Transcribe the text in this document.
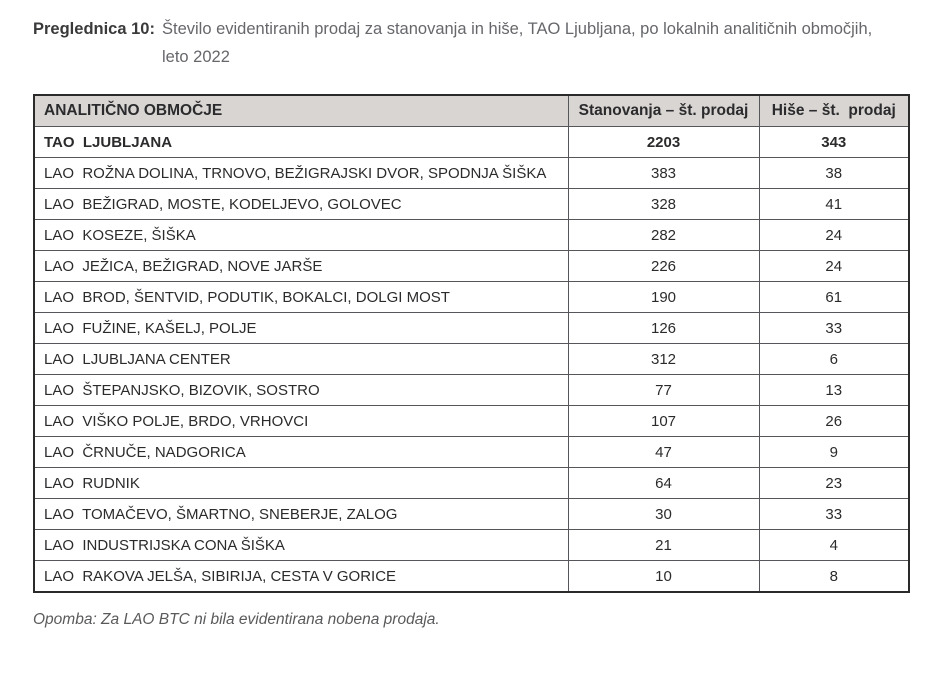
Preglednica 10: Število evidentiranih prodaj za stanovanja in hiše, TAO Ljubljana, po lokalnih analitičnih območjih,
leto 2022
ANALITIČNO OBMOČJE	Stanovanja – št. prodaj	Hiše – št.  prodaj
TAO  LJUBLJANA	2203	343
LAO  ROŽNA DOLINA, TRNOVO, BEŽIGRAJSKI DVOR, SPODNJA ŠIŠKA	383	38
LAO  BEŽIGRAD, MOSTE, KODELJEVO, GOLOVEC	328	41
LAO  KOSEZE, ŠIŠKA	282	24
LAO  JEŽICA, BEŽIGRAD, NOVE JARŠE	226	24
LAO  BROD, ŠENTVID, PODUTIK, BOKALCI, DOLGI MOST	190	61
LAO  FUŽINE, KAŠELJ, POLJE	126	33
LAO  LJUBLJANA CENTER	312	6
LAO  ŠTEPANJSKO, BIZOVIK, SOSTRO	77	13
LAO  VIŠKO POLJE, BRDO, VRHOVCI	107	26
LAO  ČRNUČE, NADGORICA	47	9
LAO  RUDNIK	64	23
LAO  TOMAČEVO, ŠMARTNO, SNEBERJE, ZALOG	30	33
LAO  INDUSTRIJSKA CONA ŠIŠKA	21	4
LAO  RAKOVA JELŠA, SIBIRIJA, CESTA V GORICE	10	8
Opomba: Za LAO BTC ni bila evidentirana nobena prodaja.
